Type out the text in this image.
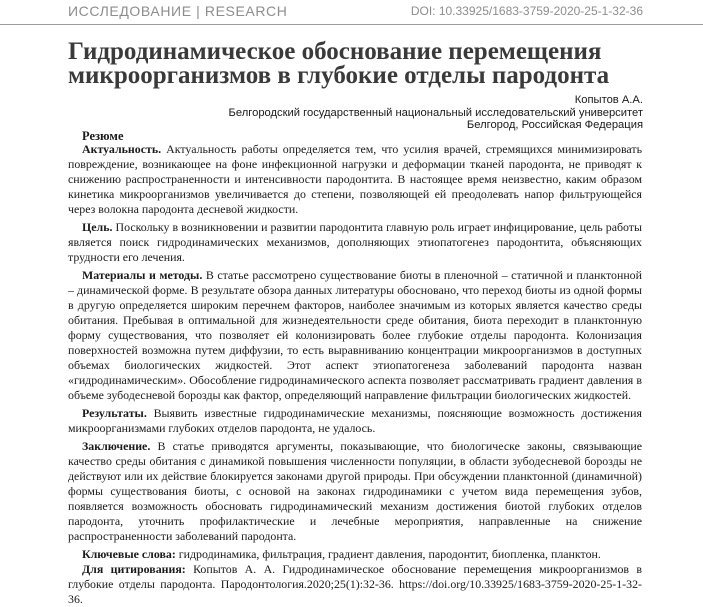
ИССЛЕДОВАНИЕ | RESEARCH	DOI: 10.33925/1683-3759-2020-25-1-32-36
Гидродинамическое обоснование перемещения микроорганизмов в глубокие отделы пародонта
Копытов А.А.
Белгородский государственный национальный исследовательский университет
Белгород, Российская Федерация
Резюме

Актуальность. Актуальность работы определяется тем, что усилия врачей, стремящихся минимизировать повреждение, возникающее на фоне инфекционной нагрузки и деформации тканей пародонта, не приводят к снижению распространенности и интенсивности пародонтита. В настоящее время неизвестно, каким образом кинетика микроорганизмов увеличивается до степени, позволяющей ей преодолевать напор фильтрующейся через волокна пародонта десневой жидкости.

Цель. Поскольку в возникновении и развитии пародонтита главную роль играет инфицирование, цель работы является поиск гидродинамических механизмов, дополняющих этиопатогенез пародонтита, объясняющих трудности его лечения.

Материалы и методы. В статье рассмотрено существование биоты в пленочной – статичной и планктонной – динамической форме. В результате обзора данных литературы обосновано, что переход биоты из одной формы в другую определяется широким перечнем факторов, наиболее значимым из которых является качество среды обитания. Пребывая в оптимальной для жизнедеятельности среде обитания, биота переходит в планктонную форму существования, что позволяет ей колонизировать более глубокие отделы пародонта. Колонизация поверхностей возможна путем диффузии, то есть выравниванию концентрации микроорганизмов в доступных объемах биологических жидкостей. Этот аспект этиопатогенеза заболеваний пародонта назван «гидродинамическим». Обособление гидродинамического аспекта позволяет рассматривать градиент давления в объеме зубодесневой борозды как фактор, определяющий направление фильтрации биологических жидкостей.

Результаты. Выявить известные гидродинамические механизмы, поясняющие возможность достижения микроорганизмами глубоких отделов пародонта, не удалось.

Заключение. В статье приводятся аргументы, показывающие, что биологическе законы, связывающие качество среды обитания с динамикой повышения численности популяции, в области зубодесневой борозды не действуют или их действие блокируется законами другой природы. При обсуждении планктонной (динамичной) формы существования биоты, с основой на законах гидродинамики с учетом вида перемещения зубов, появляется возможность обосновать гидродинамический механизм достижения биотой глубоких отделов пародонта, уточнить профилактические и лечебные мероприятия, направленные на снижение распространенности заболеваний пародонта.

Ключевые слова: гидродинамика, фильтрация, градиент давления, пародонтит, биопленка, планктон.

Для цитирования: Копытов А. А. Гидродинамическое обоснование перемещения микроорганизмов в глубокие отделы пародонта. Пародонтология.2020;25(1):32-36. https://doi.org/10.33925/1683-3759-2020-25-1-32-36.
